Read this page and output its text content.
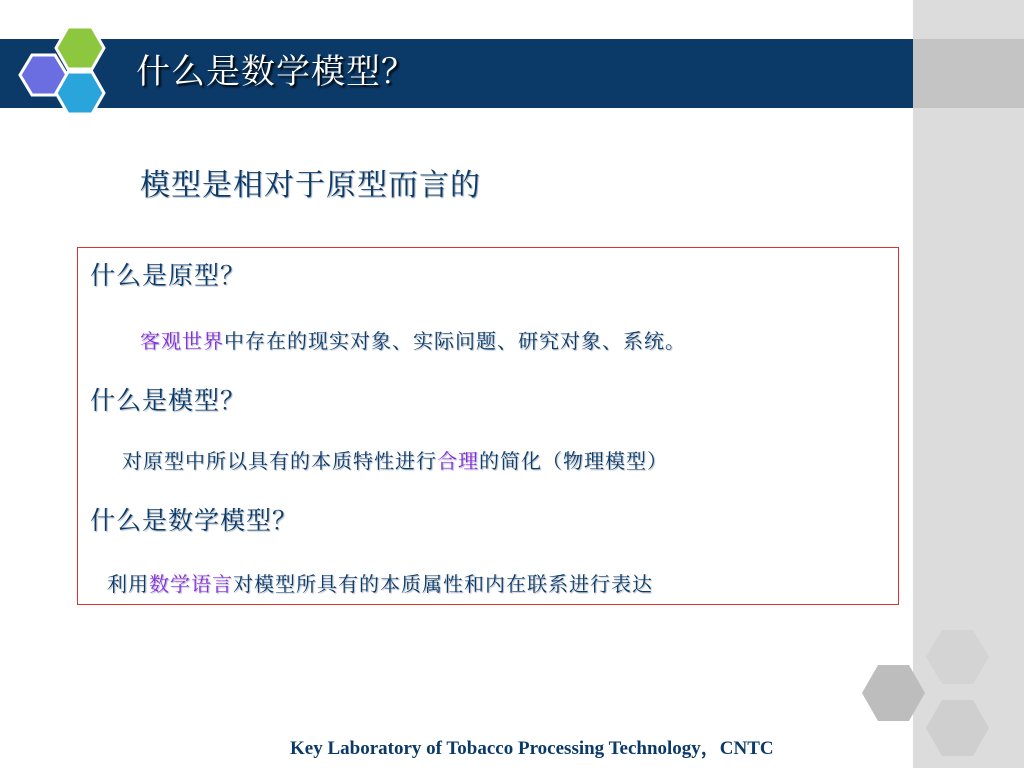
什么是数学模型？
模型是相对于原型而言的
什么是原型？
客观世界中存在的现实对象、实际问题、研究对象、系统。
什么是模型？
对原型中所以具有的本质特性进行合理的简化（物理模型）
什么是数学模型？
利用数学语言对模型所具有的本质属性和内在联系进行表达
Key Laboratory of Tobacco Processing Technology，CNTC
